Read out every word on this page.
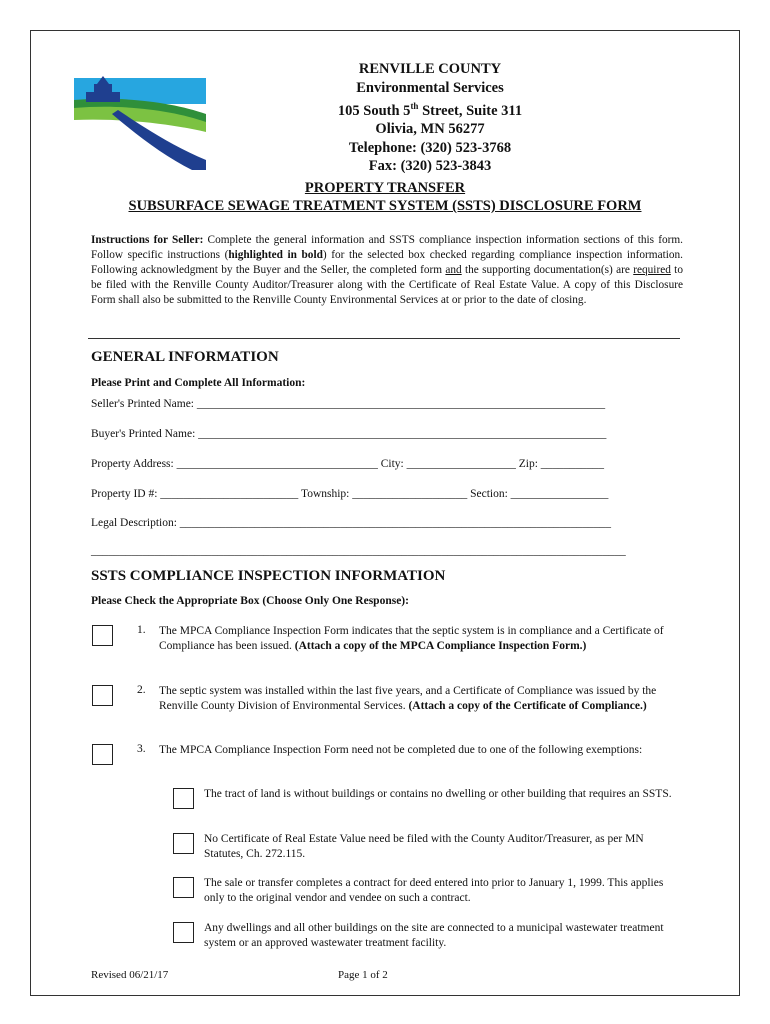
RENVILLE COUNTY
Environmental Services
105 South 5th Street, Suite 311
Olivia, MN 56277
Telephone: (320) 523-3768
Fax: (320) 523-3843
PROPERTY TRANSFER
SUBSURFACE SEWAGE TREATMENT SYSTEM (SSTS) DISCLOSURE FORM
Instructions for Seller: Complete the general information and SSTS compliance inspection information sections of this form. Follow specific instructions (highlighted in bold) for the selected box checked regarding compliance inspection information. Following acknowledgment by the Buyer and the Seller, the completed form and the supporting documentation(s) are required to be filed with the Renville County Auditor/Treasurer along with the Certificate of Real Estate Value. A copy of this Disclosure Form shall also be submitted to the Renville County Environmental Services at or prior to the date of closing.
GENERAL INFORMATION
Please Print and Complete All Information:
Seller's Printed Name: _______________________________________________________________________
Buyer's Printed Name: _______________________________________________________________________
Property Address: ___________________________________ City: ___________________ Zip: ___________
Property ID #: ________________________ Township: ____________________ Section: _________________
Legal Description: ___________________________________________________________________________
_____________________________________________________________________________________________
SSTS COMPLIANCE INSPECTION INFORMATION
Please Check the Appropriate Box (Choose Only One Response):
1. The MPCA Compliance Inspection Form indicates that the septic system is in compliance and a Certificate of Compliance has been issued. (Attach a copy of the MPCA Compliance Inspection Form.)
2. The septic system was installed within the last five years, and a Certificate of Compliance was issued by the Renville County Division of Environmental Services. (Attach a copy of the Certificate of Compliance.)
3. The MPCA Compliance Inspection Form need not be completed due to one of the following exemptions:
The tract of land is without buildings or contains no dwelling or other building that requires an SSTS.
No Certificate of Real Estate Value need be filed with the County Auditor/Treasurer, as per MN Statutes, Ch. 272.115.
The sale or transfer completes a contract for deed entered into prior to January 1, 1999. This applies only to the original vendor and vendee on such a contract.
Any dwellings and all other buildings on the site are connected to a municipal wastewater treatment system or an approved wastewater treatment facility.
Revised 06/21/17	Page 1 of 2
